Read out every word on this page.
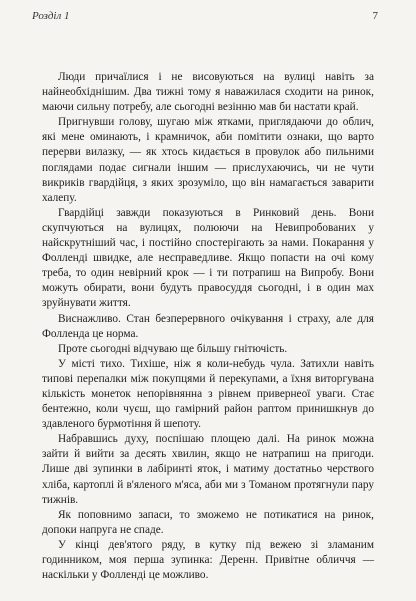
Розділ 1	7

Люди причаїлися і не висовуються на вулиці навіть за найнеобхіднішим. Два тижні тому я наважилася сходити на ринок, маючи сильну потребу, але сьогодні везінню мав би настати край.

Пригнувши голову, шугаю між ятками, приглядаючи до облич, які мене оминають, і крамничок, аби помітити ознаки, що варто перерви вилазку, — як хтось кидається в провулок або пильними поглядами подає сигнали іншим — прислухаючись, чи не чути викриків гвардійця, з яких зрозуміло, що він намагається заварити халепу.

Гвардійці завжди показуються в Ринковий день. Вони скупчуються на вулицях, полюючи на Невипробованих у найскрутніший час, і постійно спостерігають за нами. Покарання у Фолленді швидке, але несправедливе. Якщо попасти на очі кому треба, то один невірний крок — і ти потрапиш на Випробу. Вони можуть обирати, вони будуть правосуддя сьогодні, і в один мах зруйнувати життя.

Виснажливо. Стан безперервного очікування і страху, але для Фолленда це норма.

Проте сьогодні відчуваю ще більшу гнітючість.

У місті тихо. Тихіше, ніж я коли-небудь чула. Затихли навіть типові перепалки між покупцями й перекупами, а їхня виторгувана кількість монеток непорівнянна з рівнем привернеої уваги. Стає бентежно, коли чуєш, що гамірний район раптом принишкнув до здавленого бурмотіння й шепоту.

Набравшись духу, поспішаю площею далі. На ринок можна зайти й вийти за десять хвилин, якщо не натрапиш на пригоди. Лише дві зупинки в лабіринті яток, і матиму достатньо черствого хліба, картоплі й в'яленого м'яса, аби ми з Томаном протягнули пару тижнів.

Як поповнимо запаси, то зможемо не потикатися на ринок, допоки напруга не спаде.

У кінці дев'ятого ряду, в кутку під вежею зі зламаним годинником, моя перша зупинка: Деренн. Привітне обличчя — наскільки у Фолленді це можливо.
